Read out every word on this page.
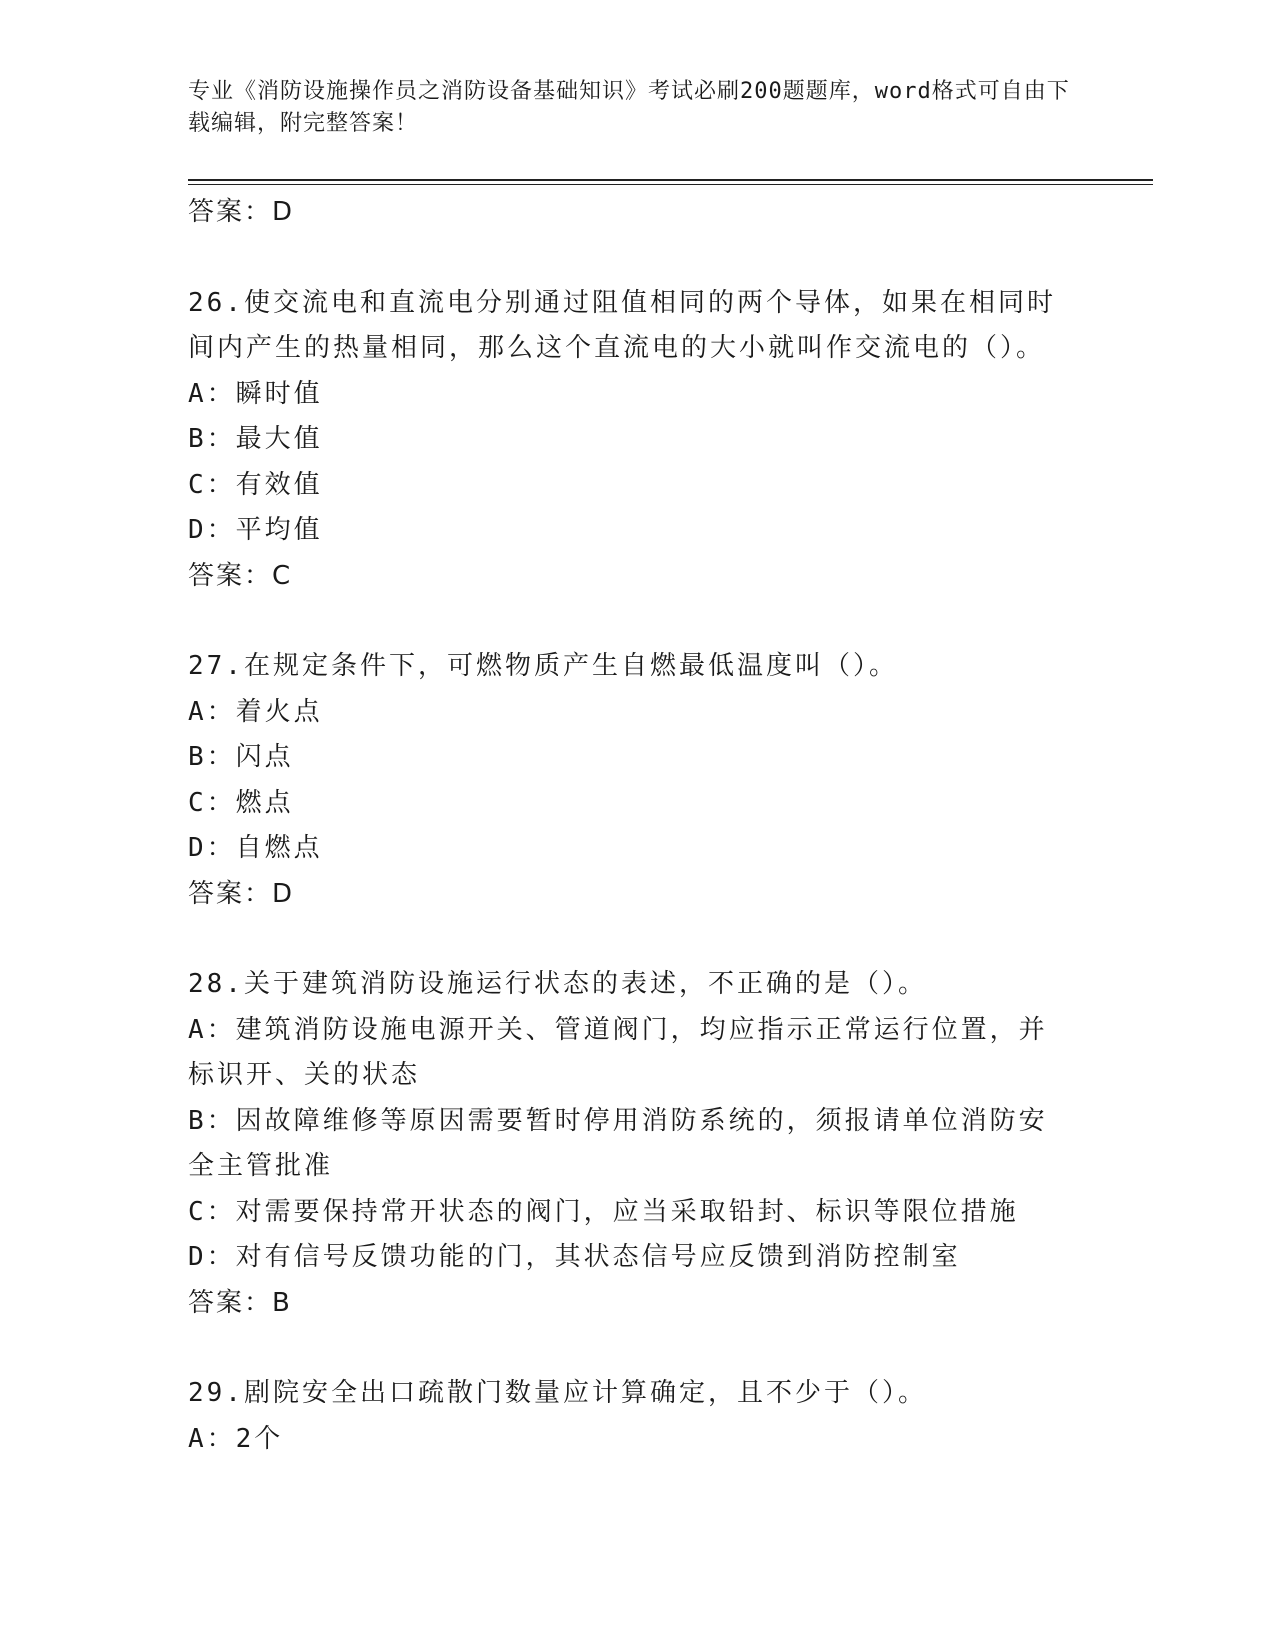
专业《消防设施操作员之消防设备基础知识》考试必刷200题题库，word格式可自由下载编辑，附完整答案！
答案：D
26.使交流电和直流电分别通过阻值相同的两个导体，如果在相同时间内产生的热量相同，那么这个直流电的大小就叫作交流电的（）。
A：瞬时值
B：最大值
C：有效值
D：平均值
答案：C
27.在规定条件下，可燃物质产生自燃最低温度叫（）。
A：着火点
B：闪点
C：燃点
D：自燃点
答案：D
28.关于建筑消防设施运行状态的表述，不正确的是（）。
A：建筑消防设施电源开关、管道阀门，均应指示正常运行位置，并标识开、关的状态
B：因故障维修等原因需要暂时停用消防系统的，须报请单位消防安全主管批准
C：对需要保持常开状态的阀门，应当采取铅封、标识等限位措施
D：对有信号反馈功能的门，其状态信号应反馈到消防控制室
答案：B
29.剧院安全出口疏散门数量应计算确定，且不少于（）。
A：2个
